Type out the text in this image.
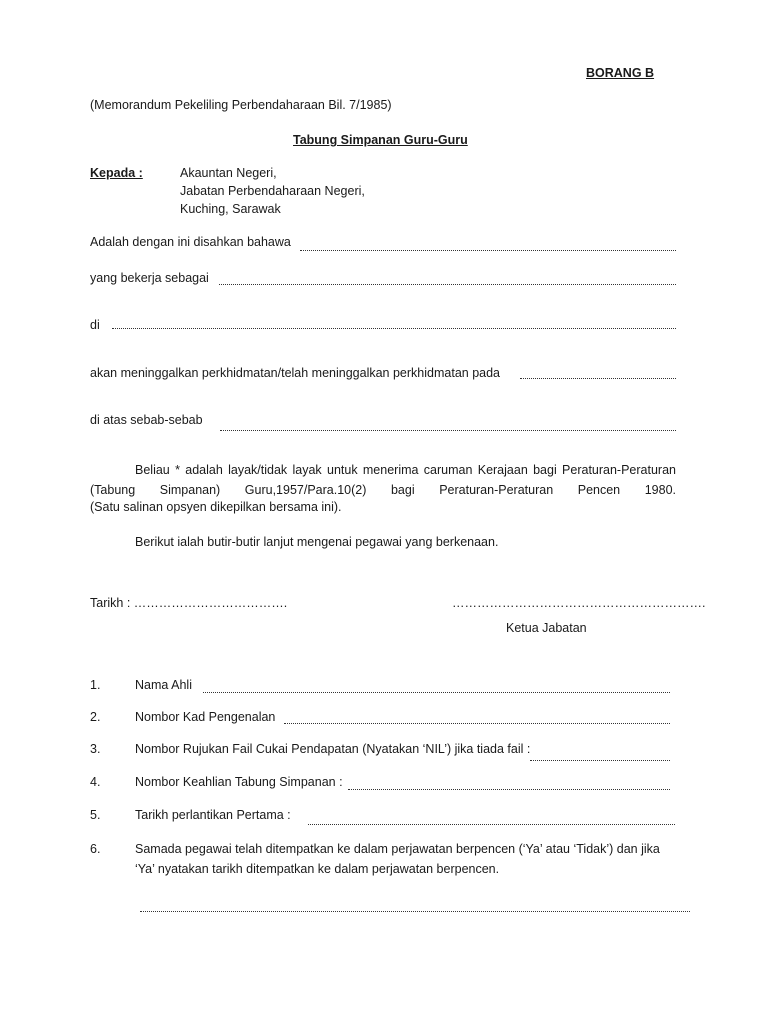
BORANG B
(Memorandum Pekeliling Perbendaharaan Bil. 7/1985)
Tabung Simpanan Guru-Guru
Kepada :	Akauntan Negeri,
Jabatan Perbendaharaan Negeri,
Kuching, Sarawak
Adalah dengan ini disahkan bahawa
yang bekerja sebagai
di
akan meninggalkan perkhidmatan/telah meninggalkan perkhidmatan pada
di atas sebab-sebab
Beliau * adalah layak/tidak layak untuk menerima caruman Kerajaan bagi Peraturan-Peraturan (Tabung Simpanan) Guru,1957/Para.10(2) bagi Peraturan-Peraturan Pencen 1980.
(Satu salinan opsyen dikepilkan bersama ini).
Berikut ialah butir-butir lanjut mengenai pegawai yang berkenaan.
Tarikh : ……………………………….	…………………………………………………….
Ketua Jabatan
1.	Nama Ahli
2.	Nombor Kad Pengenalan
3.	Nombor Rujukan Fail Cukai Pendapatan (Nyatakan ‘NIL’) jika tiada fail :
4.	Nombor Keahlian Tabung Simpanan :
5.	Tarikh perlantikan Pertama :
6.	Samada pegawai telah ditempatkan ke dalam perjawatan berpencen (‘Ya’ atau ‘Tidak’) dan jika
‘Ya’ nyatakan tarikh ditempatkan ke dalam perjawatan berpencen.
